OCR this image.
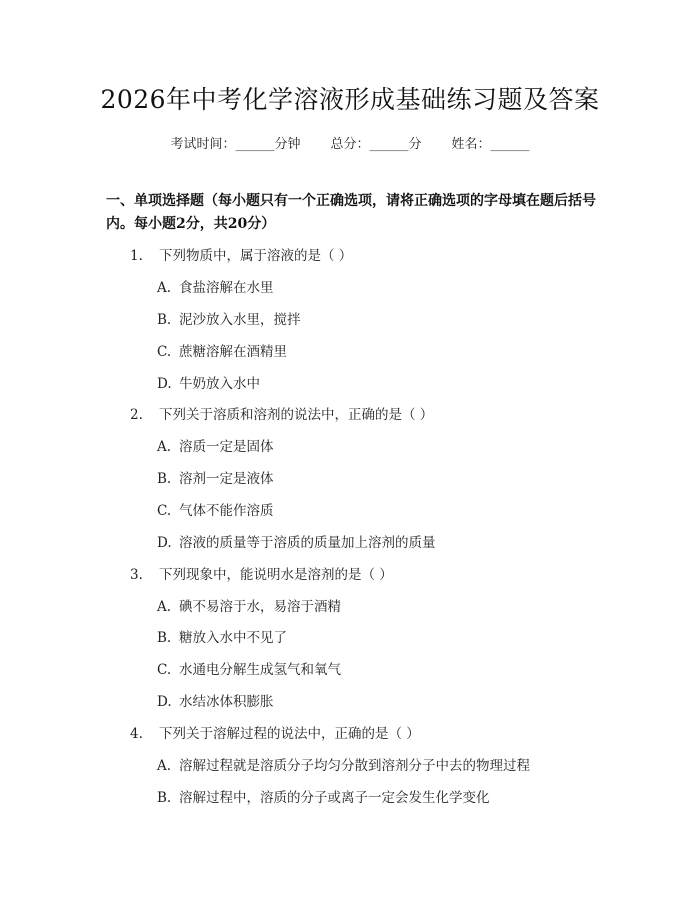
2026年中考化学溶液形成基础练习题及答案
考试时间：______分钟 总分：______分 姓名：______
一、单项选择题（每小题只有一个正确选项，请将正确选项的字母填在题后括号内。每小题2分，共20分）
1. 下列物质中，属于溶液的是（ ）
A. 食盐溶解在水里
B. 泥沙放入水里，搅拌
C. 蔗糖溶解在酒精里
D. 牛奶放入水中
2. 下列关于溶质和溶剂的说法中，正确的是（ ）
A. 溶质一定是固体
B. 溶剂一定是液体
C. 气体不能作溶质
D. 溶液的质量等于溶质的质量加上溶剂的质量
3. 下列现象中，能说明水是溶剂的是（ ）
A. 碘不易溶于水，易溶于酒精
B. 糖放入水中不见了
C. 水通电分解生成氢气和氧气
D. 水结冰体积膨胀
4. 下列关于溶解过程的说法中，正确的是（ ）
A. 溶解过程就是溶质分子均匀分散到溶剂分子中去的物理过程
B. 溶解过程中，溶质的分子或离子一定会发生化学变化
